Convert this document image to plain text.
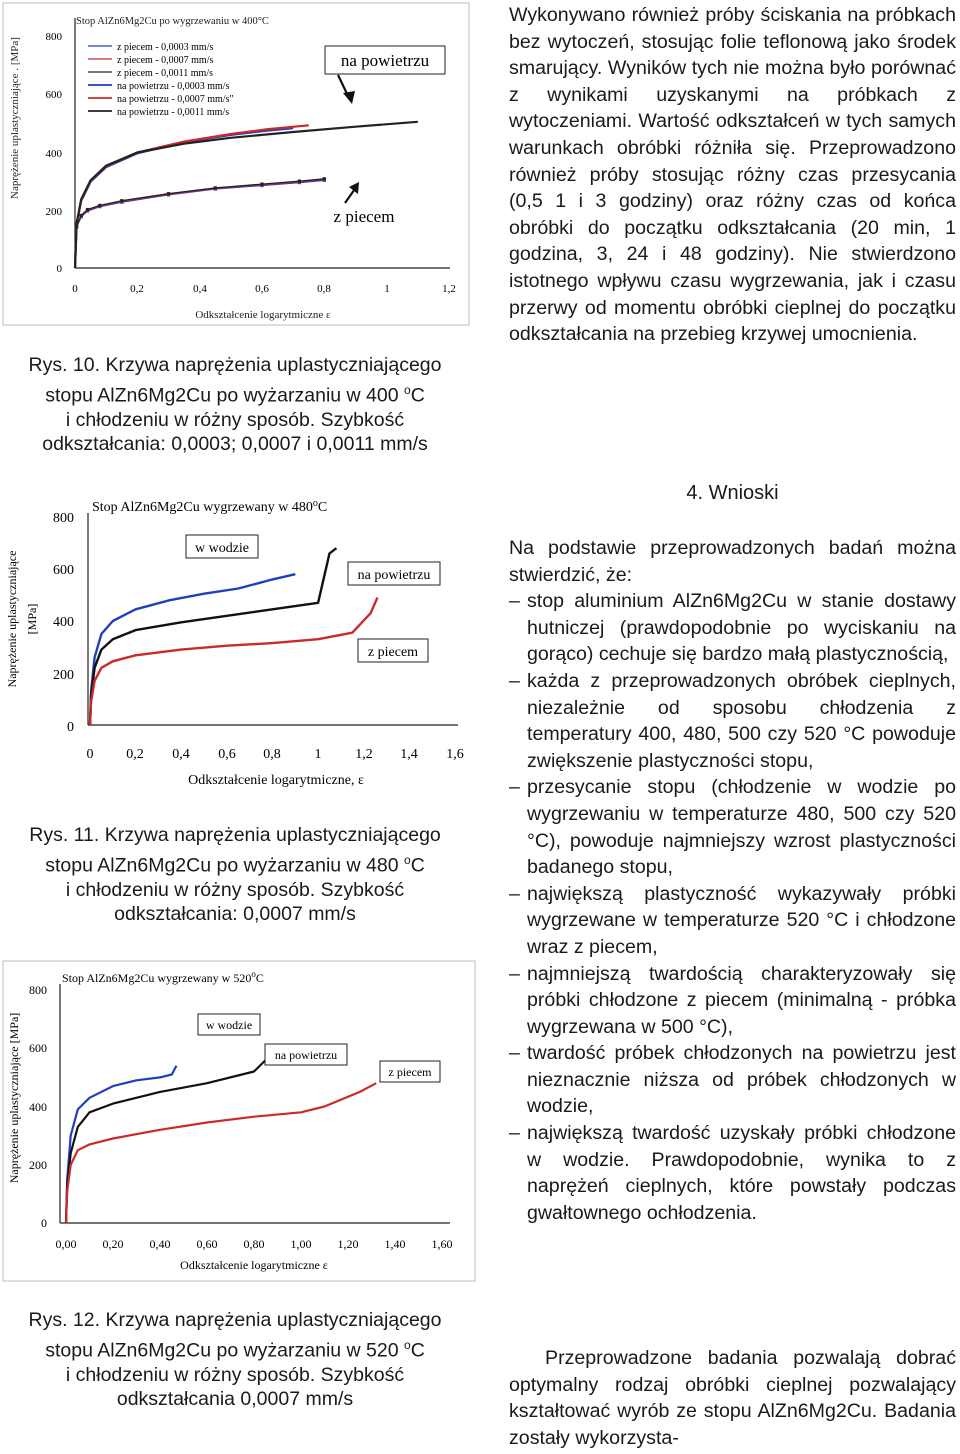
Stop AlZn6Mg2Cu po wygrzewaniu w 400°C
Naprężenie uplastyczniające . [MPa]
Odkształcenie logarytmiczne ε
0
200
400
600
800
0	0,2	0,4	0,6	0,8	1	1,2
z piecem - 0,0003 mm/s
z piecem - 0,0007 mm/s
z piecem - 0,0011 mm/s
na powietrzu - 0,0003 mm/s
na powietrzu - 0,0007 mm/s"
na powietrzu - 0,0011 mm/s
na powietrzu
z piecem
Rys. 10. Krzywa naprężenia uplastyczniającego
stopu AlZn6Mg2Cu po wyżarzaniu w 400 $^o$C
i chłodzeniu w różny sposób. Szybkość
odkształcania: 0,0003; 0,0007 i 0,0011 mm/s
Stop AlZn6Mg2Cu wygrzewany w 480$^o$C
Naprężenie uplastyczniające [MPa]
Odkształcenie logarytmiczne, ε
0
200
400
600
800
0 0,2 0,4 0,6 0,8 1 1,2 1,4 1,6
w wodzie
na powietrzu
z piecem
Rys. 11. Krzywa naprężenia uplastyczniającego
stopu AlZn6Mg2Cu po wyżarzaniu w 480 $^o$C
i chłodzeniu w różny sposób. Szybkość
odkształcania: 0,0007 mm/s
Stop AlZn6Mg2Cu wygrzewany w 520$^o$C
Naprężenie uplastyczniające [MPa]
Odkształcenie logarytmiczne ε
0
200
400
600
800
0,00 0,20 0,40 0,60 0,80 1,00 1,20 1,40 1,60
w wodzie
na powietrzu
z piecem
Rys. 12. Krzywa naprężenia uplastyczniającego
stopu AlZn6Mg2Cu po wyżarzaniu w 520 $^o$C
i chłodzeniu w różny sposób. Szybkość
odkształcania 0,0007 mm/s

Wykonywano również próby ściskania na próbkach bez wytoczeń, stosując folie teflonową jako środek smarujący. Wyników tych nie można było porównać z wynikami uzyskanymi na próbkach z wytoczeniami. Wartość odkształceń w tych samych warunkach obróbki różniła się. Przeprowadzono również próby stosując różny czas przesycania (0,5 1 i 3 godziny) oraz różny czas od końca obróbki do początku odkształcania (20 min, 1 godzina, 3, 24 i 48 godziny). Nie stwierdzono istotnego wpływu czasu wygrzewania, jak i czasu przerwy od momentu obróbki cieplnej do początku odkształcania na przebieg krzywej umocnienia.

4. Wnioski

Na podstawie przeprowadzonych badań można stwierdzić, że:

– stop aluminium AlZn6Mg2Cu w stanie dostawy hutniczej (prawdopodobnie po wyciskaniu na gorąco) cechuje się bardzo małą plastycznością,
– każda z przeprowadzonych obróbek cieplnych, niezależnie od sposobu chłodzenia z temperatury 400, 480, 500 czy 520 °C powoduje zwiększenie plastyczności stopu,
– przesycanie stopu (chłodzenie w wodzie po wygrzewaniu w temperaturze 480, 500 czy 520 °C), powoduje najmniejszy wzrost plastyczności badanego stopu,
– największą plastyczność wykazywały próbki wygrzewane w temperaturze 520 °C i chłodzone wraz z piecem,
– najmniejszą twardością charakteryzowały się próbki chłodzone z piecem (minimalną - próbka wygrzewana w 500 °C),
– twardość próbek chłodzonych na powietrzu jest nieznacznie niższa od próbek chłodzonych w wodzie,
– największą twardość uzyskały próbki chłodzone w wodzie. Prawdopodobnie, wynika to z naprężeń cieplnych, które powstały podczas gwałtownego ochłodzenia.

Przeprowadzone badania pozwalają dobrać optymalny rodzaj obróbki cieplnej pozwalający kształtować wyrób ze stopu AlZn6Mg2Cu. Badania zostały wykorzysta-
